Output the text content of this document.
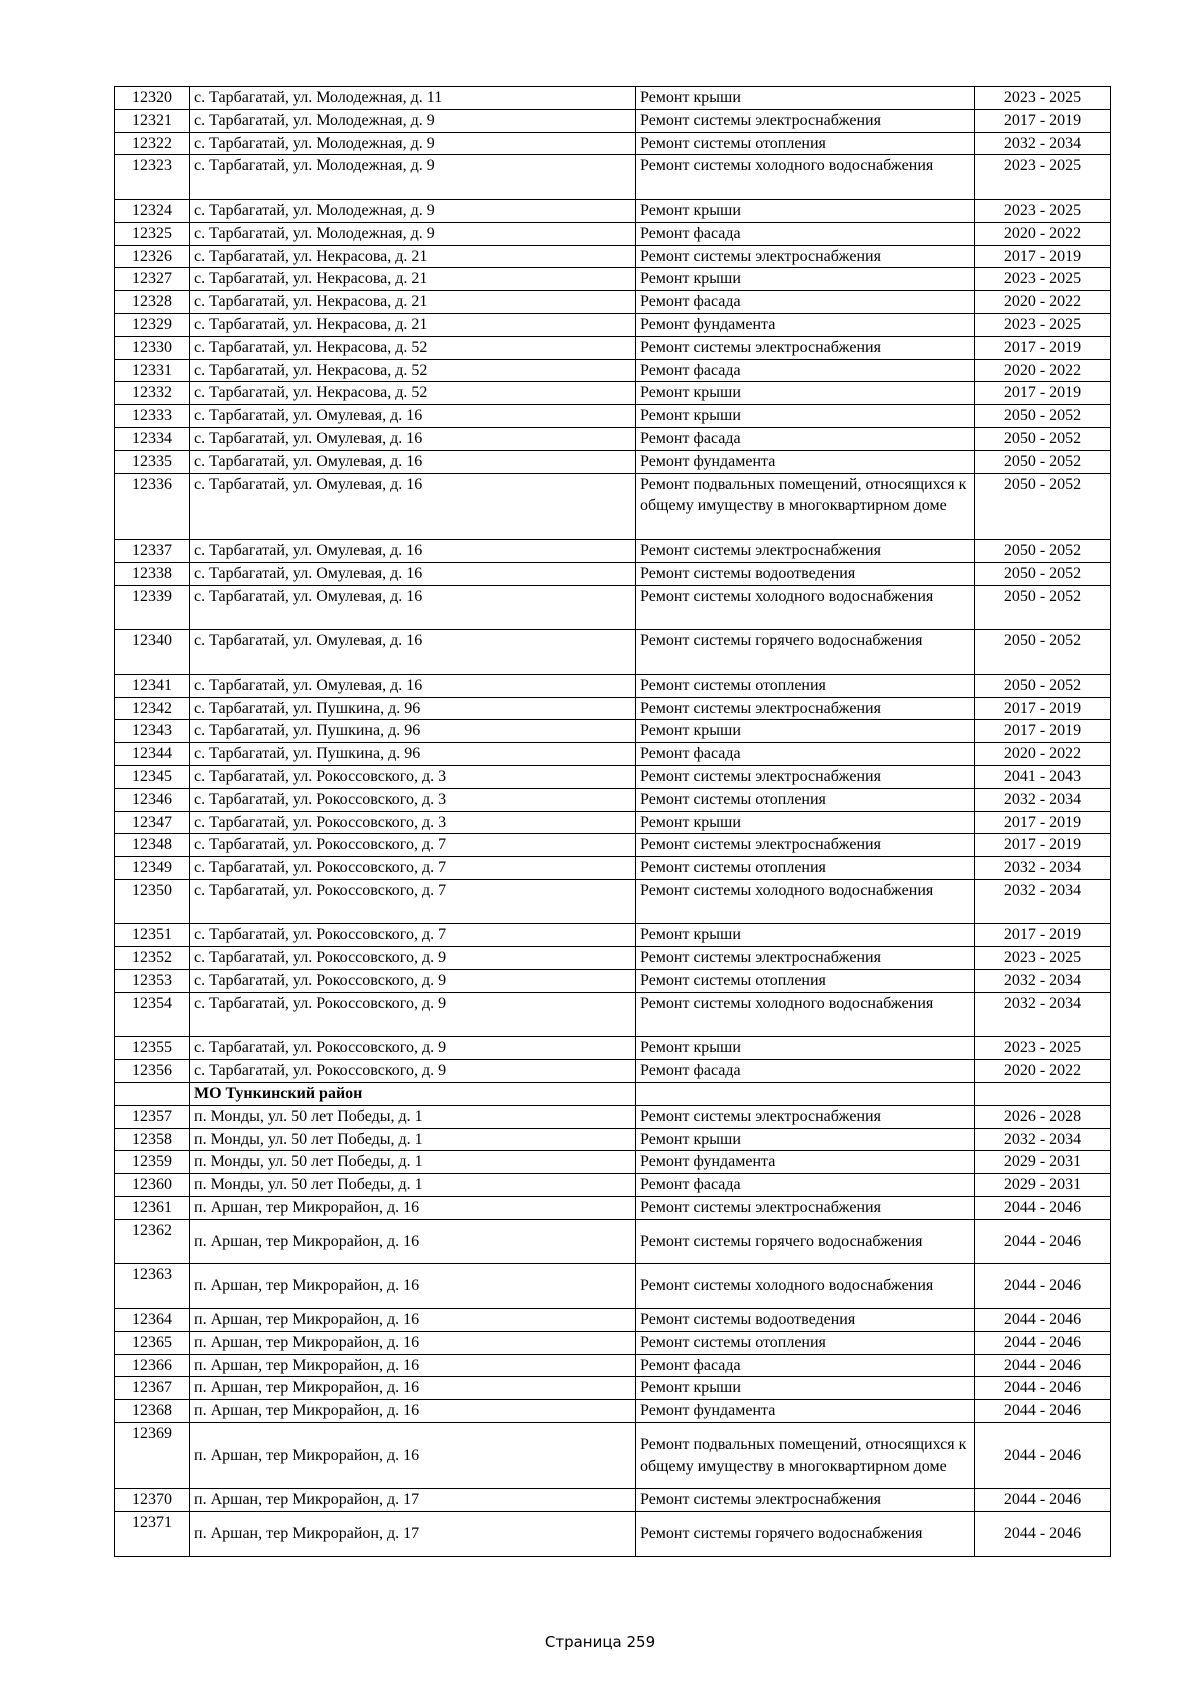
12320	с. Тарбагатай, ул. Молодежная, д. 11	Ремонт крыши	2023 - 2025
12321	с. Тарбагатай, ул. Молодежная, д. 9	Ремонт системы электроснабжения	2017 - 2019
12322	с. Тарбагатай, ул. Молодежная, д. 9	Ремонт системы отопления	2032 - 2034
12323	с. Тарбагатай, ул. Молодежная, д. 9	Ремонт системы холодного водоснабжения	2023 - 2025
12324	с. Тарбагатай, ул. Молодежная, д. 9	Ремонт крыши	2023 - 2025
12325	с. Тарбагатай, ул. Молодежная, д. 9	Ремонт фасада	2020 - 2022
12326	с. Тарбагатай, ул. Некрасова, д. 21	Ремонт системы электроснабжения	2017 - 2019
12327	с. Тарбагатай, ул. Некрасова, д. 21	Ремонт крыши	2023 - 2025
12328	с. Тарбагатай, ул. Некрасова, д. 21	Ремонт фасада	2020 - 2022
12329	с. Тарбагатай, ул. Некрасова, д. 21	Ремонт фундамента	2023 - 2025
12330	с. Тарбагатай, ул. Некрасова, д. 52	Ремонт системы электроснабжения	2017 - 2019
12331	с. Тарбагатай, ул. Некрасова, д. 52	Ремонт фасада	2020 - 2022
12332	с. Тарбагатай, ул. Некрасова, д. 52	Ремонт крыши	2017 - 2019
12333	с. Тарбагатай, ул. Омулевая, д. 16	Ремонт крыши	2050 - 2052
12334	с. Тарбагатай, ул. Омулевая, д. 16	Ремонт фасада	2050 - 2052
12335	с. Тарбагатай, ул. Омулевая, д. 16	Ремонт фундамента	2050 - 2052
12336	с. Тарбагатай, ул. Омулевая, д. 16	Ремонт подвальных помещений, относящихся к общему имуществу в многоквартирном доме	2050 - 2052
12337	с. Тарбагатай, ул. Омулевая, д. 16	Ремонт системы электроснабжения	2050 - 2052
12338	с. Тарбагатай, ул. Омулевая, д. 16	Ремонт системы водоотведения	2050 - 2052
12339	с. Тарбагатай, ул. Омулевая, д. 16	Ремонт системы холодного водоснабжения	2050 - 2052
12340	с. Тарбагатай, ул. Омулевая, д. 16	Ремонт системы горячего водоснабжения	2050 - 2052
12341	с. Тарбагатай, ул. Омулевая, д. 16	Ремонт системы отопления	2050 - 2052
12342	с. Тарбагатай, ул. Пушкина, д. 96	Ремонт системы электроснабжения	2017 - 2019
12343	с. Тарбагатай, ул. Пушкина, д. 96	Ремонт крыши	2017 - 2019
12344	с. Тарбагатай, ул. Пушкина, д. 96	Ремонт фасада	2020 - 2022
12345	с. Тарбагатай, ул. Рокоссовского, д. 3	Ремонт системы электроснабжения	2041 - 2043
12346	с. Тарбагатай, ул. Рокоссовского, д. 3	Ремонт системы отопления	2032 - 2034
12347	с. Тарбагатай, ул. Рокоссовского, д. 3	Ремонт крыши	2017 - 2019
12348	с. Тарбагатай, ул. Рокоссовского, д. 7	Ремонт системы электроснабжения	2017 - 2019
12349	с. Тарбагатай, ул. Рокоссовского, д. 7	Ремонт системы отопления	2032 - 2034
12350	с. Тарбагатай, ул. Рокоссовского, д. 7	Ремонт системы холодного водоснабжения	2032 - 2034
12351	с. Тарбагатай, ул. Рокоссовского, д. 7	Ремонт крыши	2017 - 2019
12352	с. Тарбагатай, ул. Рокоссовского, д. 9	Ремонт системы электроснабжения	2023 - 2025
12353	с. Тарбагатай, ул. Рокоссовского, д. 9	Ремонт системы отопления	2032 - 2034
12354	с. Тарбагатай, ул. Рокоссовского, д. 9	Ремонт системы холодного водоснабжения	2032 - 2034
12355	с. Тарбагатай, ул. Рокоссовского, д. 9	Ремонт крыши	2023 - 2025
12356	с. Тарбагатай, ул. Рокоссовского, д. 9	Ремонт фасада	2020 - 2022
	МО Тункинский район		
12357	п. Монды, ул. 50 лет Победы, д. 1	Ремонт системы электроснабжения	2026 - 2028
12358	п. Монды, ул. 50 лет Победы, д. 1	Ремонт крыши	2032 - 2034
12359	п. Монды, ул. 50 лет Победы, д. 1	Ремонт фундамента	2029 - 2031
12360	п. Монды, ул. 50 лет Победы, д. 1	Ремонт фасада	2029 - 2031
12361	п. Аршан, тер Микрорайон, д. 16	Ремонт системы электроснабжения	2044 - 2046
12362	п. Аршан, тер Микрорайон, д. 16	Ремонт системы горячего водоснабжения	2044 - 2046
12363	п. Аршан, тер Микрорайон, д. 16	Ремонт системы холодного водоснабжения	2044 - 2046
12364	п. Аршан, тер Микрорайон, д. 16	Ремонт системы водоотведения	2044 - 2046
12365	п. Аршан, тер Микрорайон, д. 16	Ремонт системы отопления	2044 - 2046
12366	п. Аршан, тер Микрорайон, д. 16	Ремонт фасада	2044 - 2046
12367	п. Аршан, тер Микрорайон, д. 16	Ремонт крыши	2044 - 2046
12368	п. Аршан, тер Микрорайон, д. 16	Ремонт фундамента	2044 - 2046
12369	п. Аршан, тер Микрорайон, д. 16	Ремонт подвальных помещений, относящихся к общему имуществу в многоквартирном доме	2044 - 2046
12370	п. Аршан, тер Микрорайон, д. 17	Ремонт системы электроснабжения	2044 - 2046
12371	п. Аршан, тер Микрорайон, д. 17	Ремонт системы горячего водоснабжения	2044 - 2046
Страница 259
